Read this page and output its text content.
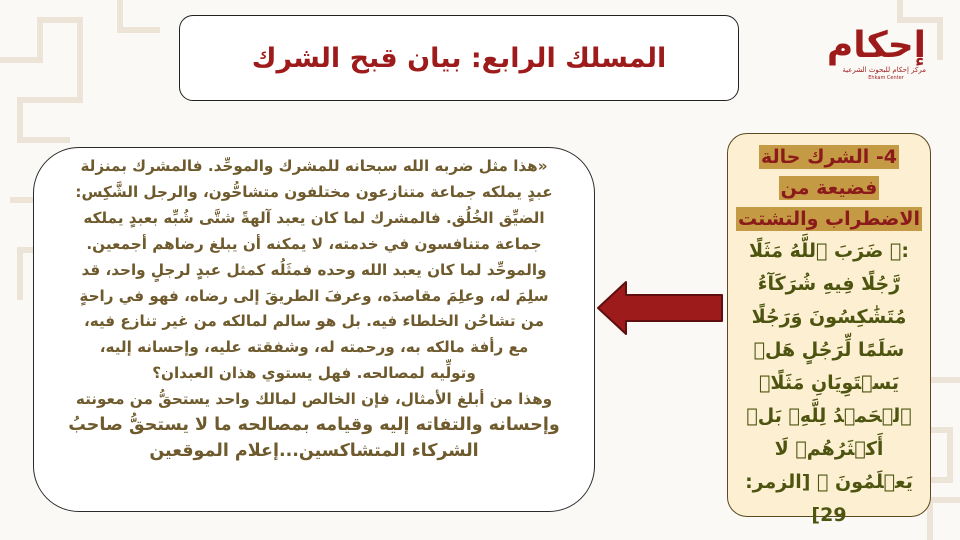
المسلك الرابع: بيان قبح الشرك	إحكام
مركز إحكام للبحوث الشرعية
Ehkam Center
«هذا مثل ضربه الله سبحانه للمشرك والموحِّد. فالمشرك بمنزلة
عبدٍ يملكه جماعة متنازعون مختلفون متشاحُّون، والرجل الشَّكِس:
الضيِّق الخُلُق. فالمشرك لما كان يعبد آلهةً شتَّى شُبِّه بعبدٍ يملكه
جماعة متنافسون في خدمته، لا يمكنه أن يبلغ رضاهم أجمعين.
والموحِّد لما كان يعبد الله وحده فمثَلُه كمثل عبدٍ لرجلٍ واحد، قد
سلِمَ له، وعلِمَ مقاصدَه، وعرفَ الطريقَ إلى رضاه، فهو في راحةٍ
من تشاحُن الخلطاء فيه. بل هو سالم لمالكه من غير تنازع فيه،
مع رأفة مالكه به، ورحمته له، وشفقته عليه، وإحسانه إليه،
وتولِّيه لمصالحه. فهل يستوي هذان العبدان؟
وهذا من أبلغ الأمثال، فإن الخالص لمالك واحد يستحقُّ من معونته
وإحسانه والتفاته إليه وقيامه بمصالحه ما لا يستحقُّ صاحبُ
الشركاء المتشاكسين...إعلام الموقعين
4- الشرك حالة فضيعة من الاضطراب والتشتت
:﴿ ضَرَبَ ٱللَّهُ مَثَلًا رَّجُلًا فِيهِ شُرَكَآءُ مُتَشَٰكِسُونَ وَرَجُلًا سَلَمًا لِّرَجُلٍ هَلۡ يَسۡتَوِيَانِ مَثَلًاۚ ٱلۡحَمۡدُ لِلَّهِۚ بَلۡ أَكۡثَرُهُمۡ لَا يَعۡلَمُونَ ﴾ [الزمر: 29]
